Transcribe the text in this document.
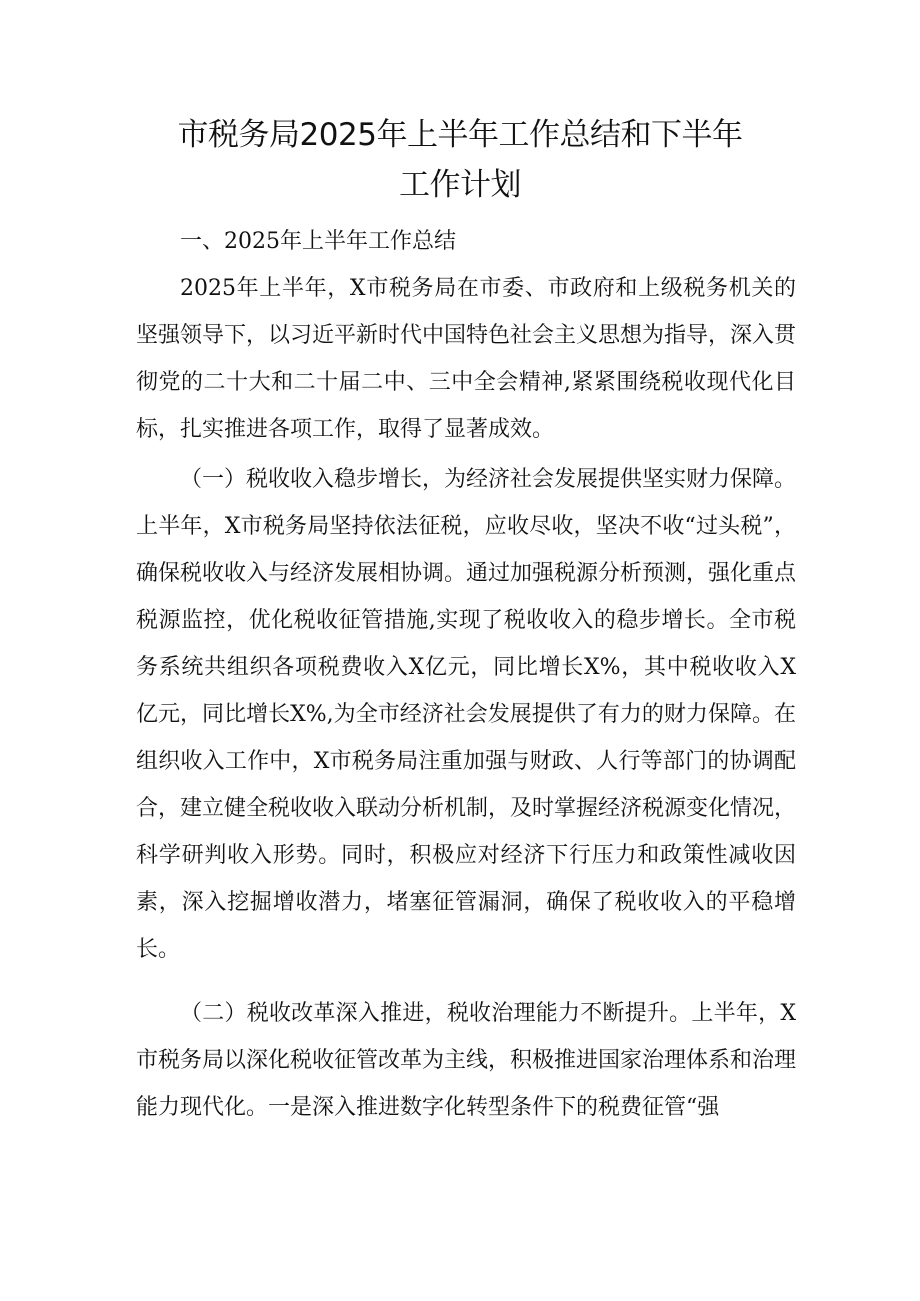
市税务局2025年上半年工作总结和下半年
工作计划

一、2025年上半年工作总结

2025年上半年，X市税务局在市委、市政府和上级税务机关的坚强领导下，以习近平新时代中国特色社会主义思想为指导，深入贯彻党的二十大和二十届二中、三中全会精神,紧紧围绕税收现代化目标，扎实推进各项工作，取得了显著成效。

（一）税收收入稳步增长，为经济社会发展提供坚实财力保障。上半年，X市税务局坚持依法征税，应收尽收，坚决不收“过头税”，确保税收收入与经济发展相协调。通过加强税源分析预测，强化重点税源监控，优化税收征管措施,实现了税收收入的稳步增长。全市税务系统共组织各项税费收入X亿元，同比增长X%，其中税收收入X亿元，同比增长X%,为全市经济社会发展提供了有力的财力保障。在组织收入工作中，X市税务局注重加强与财政、人行等部门的协调配合，建立健全税收收入联动分析机制，及时掌握经济税源变化情况，科学研判收入形势。同时，积极应对经济下行压力和政策性减收因素，深入挖掘增收潜力，堵塞征管漏洞，确保了税收收入的平稳增长。

（二）税收改革深入推进，税收治理能力不断提升。上半年，X市税务局以深化税收征管改革为主线，积极推进国家治理体系和治理能力现代化。一是深入推进数字化转型条件下的税费征管“强
